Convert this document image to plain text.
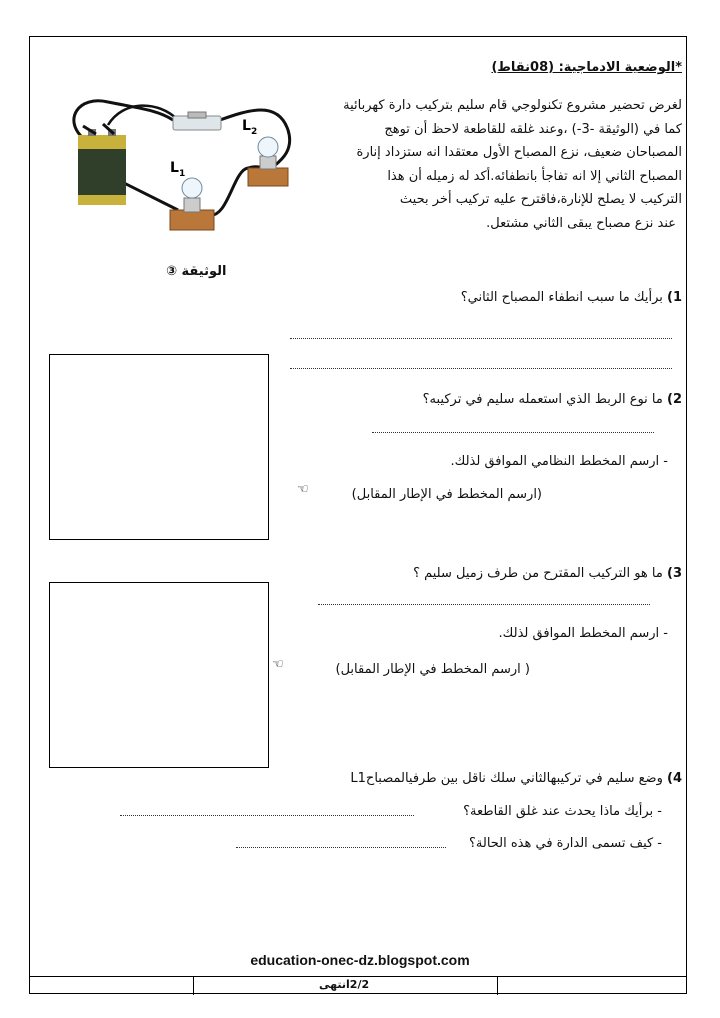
*الوضعية الادماجية: (08نقاط)
لغرض تحضير مشروع تكنولوجي قام سليم بتركيب دارة كهربائية
كما في (الوثيقة -3-) ،وعند غلقه للقاطعة لاحظ أن توهج
المصباحان ضعيف، نزع المصباح الأول معتقدا انه ستزداد إنارة
المصباح الثاني إلا انه تفاجأ بانطفائه.أكد له زميله أن هذا
التركيب لا يصلح للإنارة،فاقترح عليه تركيب أخر بحيث
عند نزع مصباح يبقى الثاني مشتعل.
L 1
L 2
الوثيقة ③
1) برأيك ما سبب انطفاء المصباح الثاني؟
2) ما نوع الربط الذي استعمله سليم في تركيبه؟
- ارسم المخطط النظامي الموافق لذلك.
(ارسم المخطط في الإطار المقابل)
☜
3) ما هو التركيب المقترح من طرف زميل سليم ؟
- ارسم المخطط الموافق لذلك.
( ارسم المخطط في الإطار المقابل)
☜
4) وضع سليم في تركيبهالثاني سلك ناقل بين طرفيالمصباحL1
- برأيك ماذا يحدث عند غلق القاطعة؟
- كيف تسمى الدارة في هذه الحالة؟
education-onec-dz.blogspot.com
2/2انتهى
